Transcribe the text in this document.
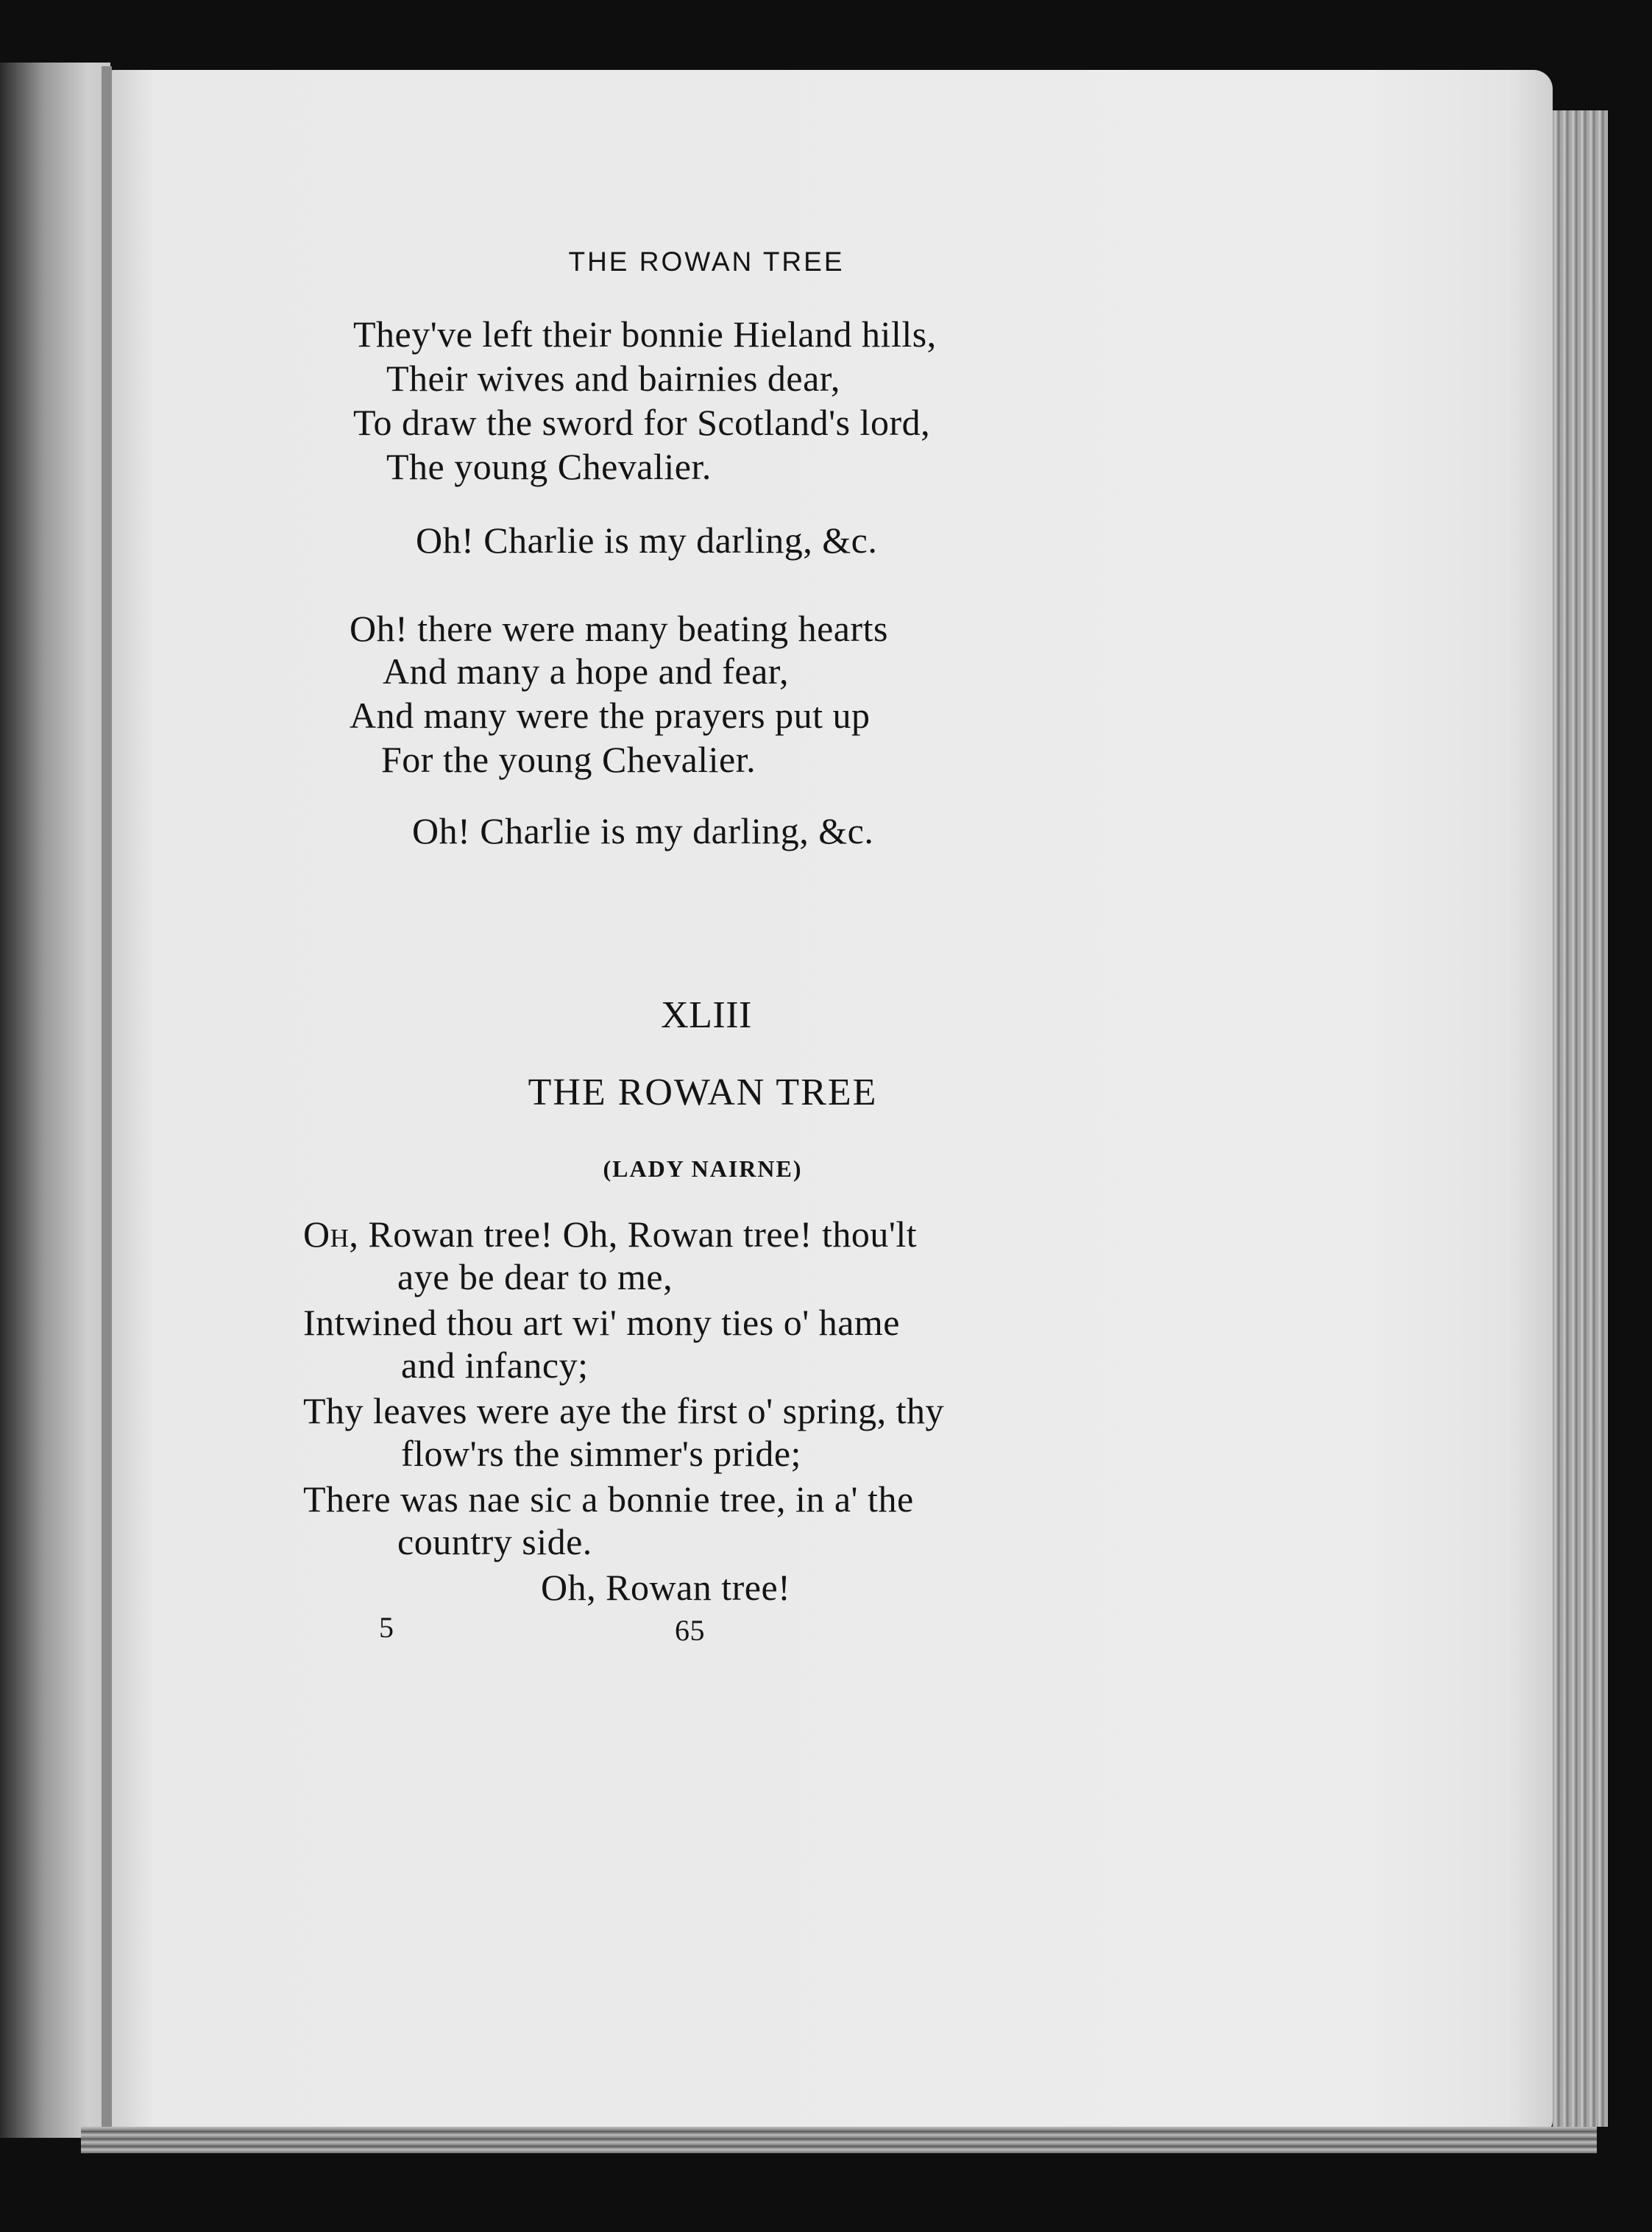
THE ROWAN TREE
They've left their bonnie Hieland hills,
Their wives and bairnies dear,
To draw the sword for Scotland's lord,
The young Chevalier.
Oh! Charlie is my darling, &c.
Oh! there were many beating hearts
And many a hope and fear,
And many were the prayers put up
For the young Chevalier.
Oh! Charlie is my darling, &c.
XLIII
THE ROWAN TREE
(LADY NAIRNE)
Oh, Rowan tree! Oh, Rowan tree! thou'lt
aye be dear to me,
Intwined thou art wi' mony ties o' hame
and infancy;
Thy leaves were aye the first o' spring, thy
flow'rs the simmer's pride;
There was nae sic a bonnie tree, in a' the
country side.
Oh, Rowan tree!
5	65
